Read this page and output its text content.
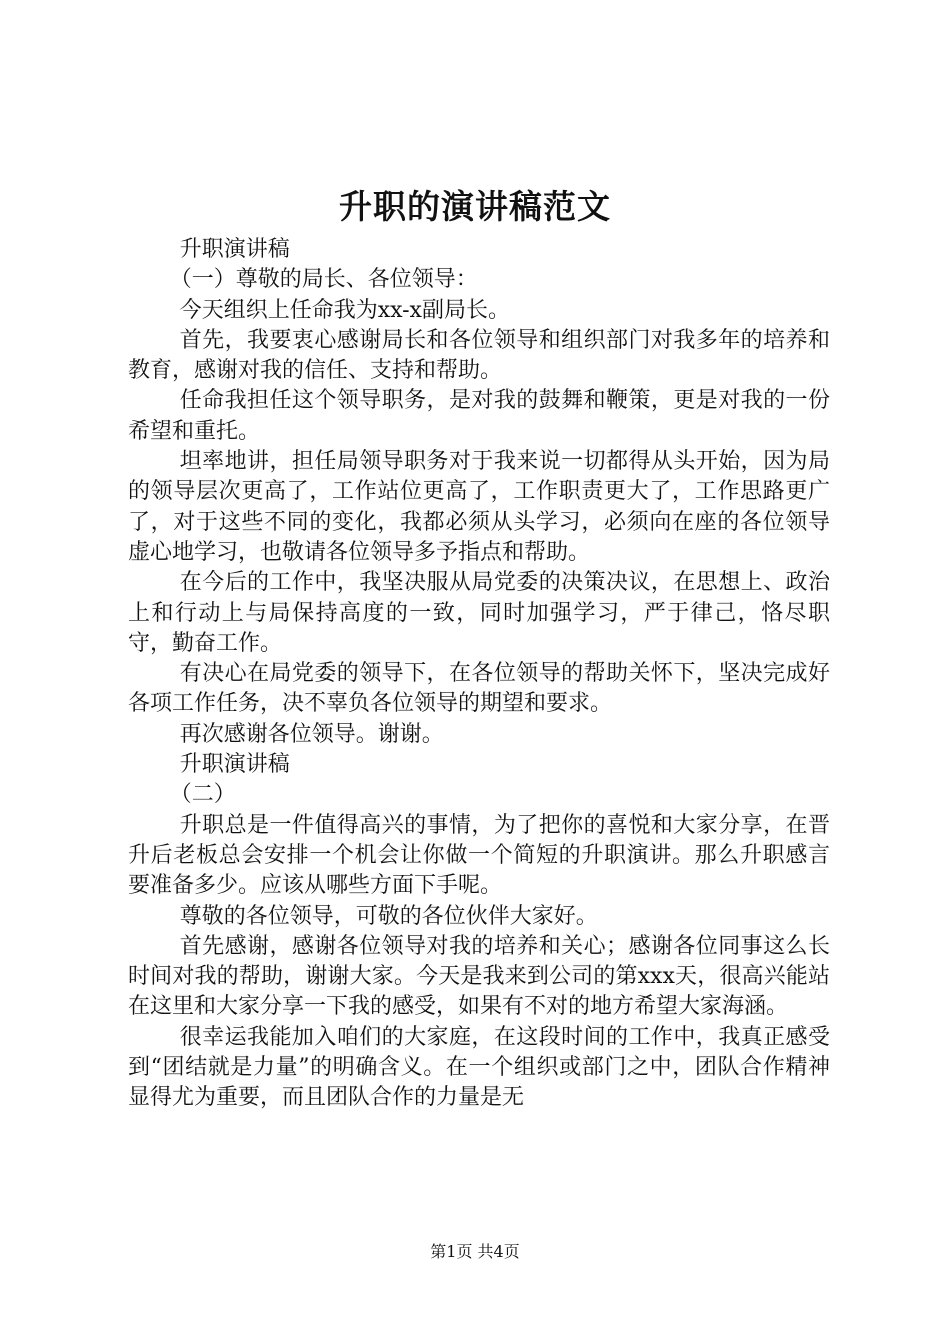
升职的演讲稿范文

升职演讲稿

（一）尊敬的局长、各位领导：

今天组织上任命我为xx-x副局长。

首先，我要衷心感谢局长和各位领导和组织部门对我多年的培养和教育，感谢对我的信任、支持和帮助。

任命我担任这个领导职务，是对我的鼓舞和鞭策，更是对我的一份希望和重托。

坦率地讲，担任局领导职务对于我来说一切都得从头开始，因为局的领导层次更高了，工作站位更高了，工作职责更大了，工作思路更广了，对于这些不同的变化，我都必须从头学习，必须向在座的各位领导虚心地学习，也敬请各位领导多予指点和帮助。

在今后的工作中，我坚决服从局党委的决策决议，在思想上、政治上和行动上与局保持高度的一致，同时加强学习，严于律己，恪尽职守，勤奋工作。

有决心在局党委的领导下，在各位领导的帮助关怀下，坚决完成好各项工作任务，决不辜负各位领导的期望和要求。

再次感谢各位领导。谢谢。

升职演讲稿

（二）

升职总是一件值得高兴的事情，为了把你的喜悦和大家分享，在晋升后老板总会安排一个机会让你做一个简短的升职演讲。那么升职感言要准备多少。应该从哪些方面下手呢。

尊敬的各位领导，可敬的各位伙伴大家好。

首先感谢，感谢各位领导对我的培养和关心；感谢各位同事这么长时间对我的帮助，谢谢大家。今天是我来到公司的第xxx天，很高兴能站在这里和大家分享一下我的感受，如果有不对的地方希望大家海涵。

很幸运我能加入咱们的大家庭，在这段时间的工作中，我真正感受到“团结就是力量”的明确含义。在一个组织或部门之中，团队合作精神显得尤为重要，而且团队合作的力量是无

第1页 共4页
